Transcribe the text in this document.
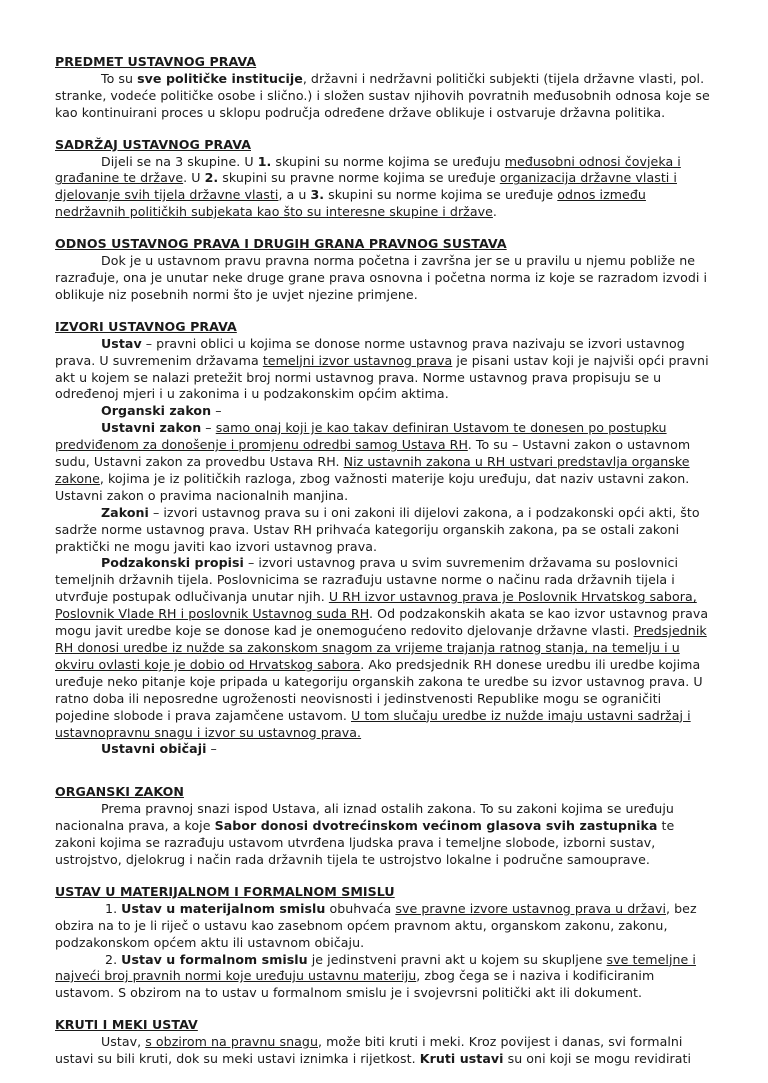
PREDMET USTAVNOG PRAVA

To su sve političke institucije, državni i nedržavni politički subjekti (tijela državne vlasti, pol. stranke, vodeće političke osobe i slično.) i složen sustav njihovih povratnih međusobnih odnosa koje se kao kontinuirani proces u sklopu područja određene države oblikuje i ostvaruje državna politika.

SADRŽAJ USTAVNOG PRAVA

Dijeli se na 3 skupine. U 1. skupini su norme kojima se uređuju međusobni odnosi čovjeka i građanine te države. U 2. skupini su pravne norme kojima se uređuje organizacija državne vlasti i djelovanje svih tijela državne vlasti, a u 3. skupini su norme kojima se uređuje odnos između nedržavnih političkih subjekata kao što su interesne skupine i države.

ODNOS USTAVNOG PRAVA I DRUGIH GRANA PRAVNOG SUSTAVA

Dok je u ustavnom pravu pravna norma početna i završna jer se u pravilu u njemu pobliže ne razrađuje, ona je unutar neke druge grane prava osnovna i početna norma iz koje se razradom izvodi i oblikuje niz posebnih normi što je uvjet njezine primjene.

IZVORI USTAVNOG PRAVA

Ustav – pravni oblici u kojima se donose norme ustavnog prava nazivaju se izvori ustavnog prava. U suvremenim državama temeljni izvor ustavnog prava je pisani ustav koji je najviši opći pravni akt u kojem se nalazi pretežit broj normi ustavnog prava. Norme ustavnog prava propisuju se u određenoj mjeri i u zakonima i u podzakonskim općim aktima.

Organski zakon –

Ustavni zakon – samo onaj koji je kao takav definiran Ustavom te donesen po postupku predviđenom za donošenje i promjenu odredbi samog Ustava RH. To su – Ustavni zakon o ustavnom sudu, Ustavni zakon za provedbu Ustava RH. Niz ustavnih zakona u RH ustvari predstavlja organske zakone, kojima je iz političkih razloga, zbog važnosti materije koju uređuju, dat naziv ustavni zakon. Ustavni zakon o pravima nacionalnih manjina.

Zakoni – izvori ustavnog prava su i oni zakoni ili dijelovi zakona, a i podzakonski opći akti, što sadrže norme ustavnog prava. Ustav RH prihvaća kategoriju organskih zakona, pa se ostali zakoni praktički ne mogu javiti kao izvori ustavnog prava.

Podzakonski propisi – izvori ustavnog prava u svim suvremenim državama su poslovnici temeljnih državnih tijela. Poslovnicima se razrađuju ustavne norme o načinu rada državnih tijela i utvrđuje postupak odlučivanja unutar njih. U RH izvor ustavnog prava je Poslovnik Hrvatskog sabora, Poslovnik Vlade RH i poslovnik Ustavnog suda RH. Od podzakonskih akata se kao izvor ustavnog prava mogu javit uredbe koje se donose kad je onemogućeno redovito djelovanje državne vlasti. Predsjednik RH donosi uredbe iz nužde sa zakonskom snagom za vrijeme trajanja ratnog stanja, na temelju i u okviru ovlasti koje je dobio od Hrvatskog sabora. Ako predsjednik RH donese uredbu ili uredbe kojima uređuje neko pitanje koje pripada u kategoriju organskih zakona te uredbe su izvor ustavnog prava. U ratno doba ili neposredne ugroženosti neovisnosti i jedinstvenosti Republike mogu se ograničiti pojedine slobode i prava zajamčene ustavom. U tom slučaju uredbe iz nužde imaju ustavni sadržaj i ustavnopravnu snagu i izvor su ustavnog prava.

Ustavni običaji –

ORGANSKI ZAKON

Prema pravnoj snazi ispod Ustava, ali iznad ostalih zakona. To su zakoni kojima se uređuju nacionalna prava, a koje Sabor donosi dvotrećinskom većinom glasova svih zastupnika te zakoni kojima se razrađuju ustavom utvrđena ljudska prava i temeljne slobode, izborni sustav, ustrojstvo, djelokrug i način rada državnih tijela te ustrojstvo lokalne i područne samouprave.

USTAV U MATERIJALNOM I FORMALNOM SMISLU

1. Ustav u materijalnom smislu obuhvaća sve pravne izvore ustavnog prava u državi, bez obzira na to je li riječ o ustavu kao zasebnom općem pravnom aktu, organskom zakonu, zakonu, podzakonskom općem aktu ili ustavnom običaju.

2. Ustav u formalnom smislu je jedinstveni pravni akt u kojem su skupljene sve temeljne i najveći broj pravnih normi koje uređuju ustavnu materiju, zbog čega se i naziva i kodificiranim ustavom. S obzirom na to ustav u formalnom smislu je i svojevrsni politički akt ili dokument.

KRUTI I MEKI USTAV

Ustav, s obzirom na pravnu snagu, može biti kruti i meki. Kroz povijest i danas, svi formalni ustavi su bili kruti, dok su meki ustavi iznimka i rijetkost. Kruti ustavi su oni koji se mogu revidirati
